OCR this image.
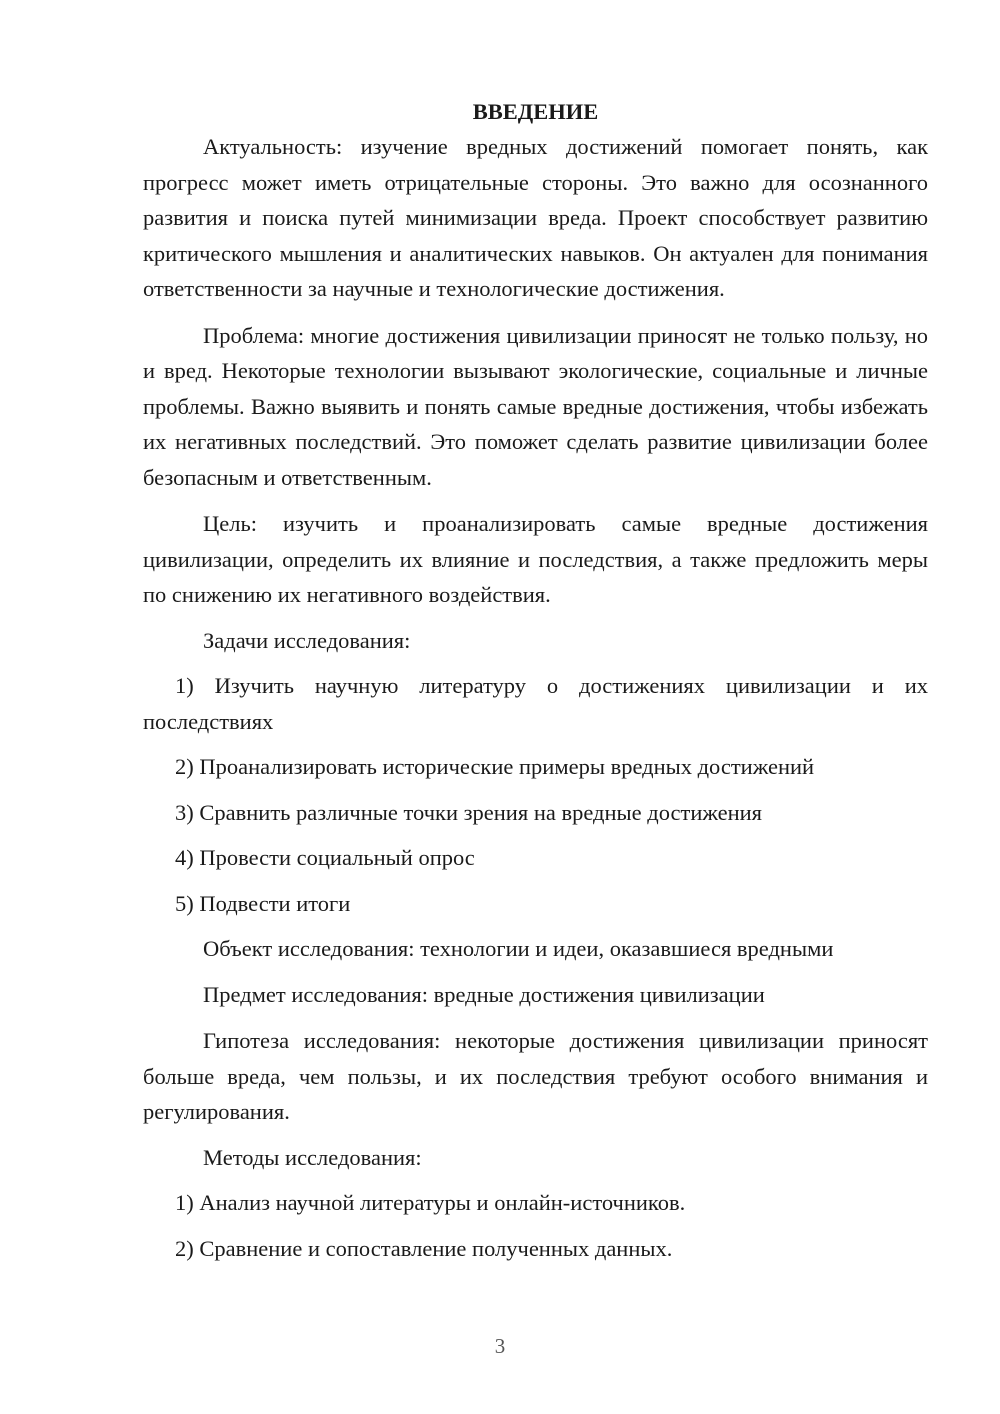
ВВЕДЕНИЕ

Актуальность: изучение вредных достижений помогает понять, как прогресс может иметь отрицательные стороны. Это важно для осознанного развития и поиска путей минимизации вреда. Проект способствует развитию критического мышления и аналитических навыков. Он актуален для понимания ответственности за научные и технологические достижения.

Проблема: многие достижения цивилизации приносят не только пользу, но и вред. Некоторые технологии вызывают экологические, социальные и личные проблемы. Важно выявить и понять самые вредные достижения, чтобы избежать их негативных последствий. Это поможет сделать развитие цивилизации более безопасным и ответственным.

Цель: изучить и проанализировать самые вредные достижения цивилизации, определить их влияние и последствия, а также предложить меры по снижению их негативного воздействия.

Задачи исследования:

1) Изучить научную литературу о достижениях цивилизации и их последствиях

2) Проанализировать исторические примеры вредных достижений

3) Сравнить различные точки зрения на вредные достижения

4) Провести социальный опрос

5) Подвести итоги

Объект исследования: технологии и идеи, оказавшиеся вредными

Предмет исследования: вредные достижения цивилизации

Гипотеза исследования: некоторые достижения цивилизации приносят больше вреда, чем пользы, и их последствия требуют особого внимания и регулирования.

Методы исследования:

1) Анализ научной литературы и онлайн-источников.

2) Сравнение и сопоставление полученных данных.

3
